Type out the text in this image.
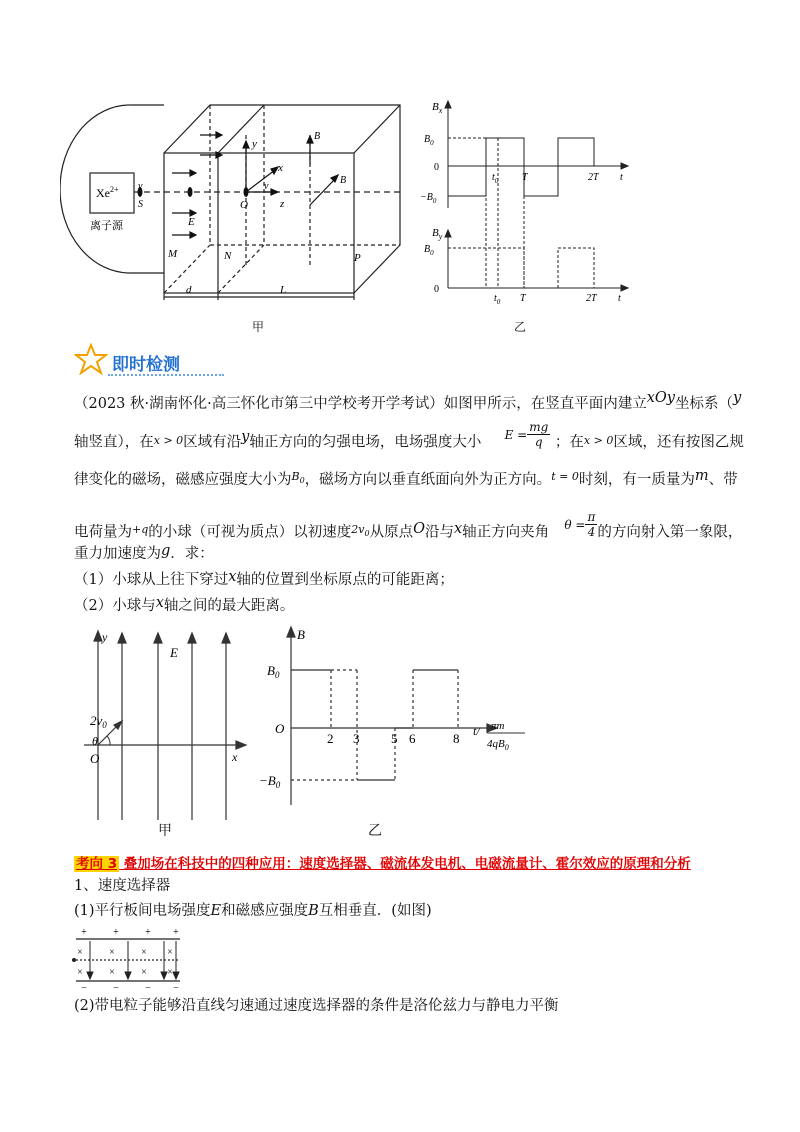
$Xe^{2+}$
离子源
v
S
E
M	N	P
O
y
x
z
v
B
B
d	L
甲
$B_x$
$B_0$
0
$-B_0$
$t_0$ T	2T t
$B_y$
$B_0$
0
$t_0$ T	2T t
乙
即时检测
（2023 秋·湖南怀化·高三怀化市第三中学校考开学考试）如图甲所示，在竖直平面内建立xOy坐标系（y
轴竖直），在$^{x > 0}$区域有沿y轴正方向的匀强电场，电场强度大小 $^{E =} \frac{mg}{q}$ ；在$^{x > 0}$区域，还有按图乙规
律变化的磁场，磁感应强度大小为$^{B_0}$，磁场方向以垂直纸面向外为正方向。$^{t = 0}$时刻，有一质量为m、带
电荷量为$^{+q}$的小球（可视为质点）以初速度$^{2v_0}$从原点O沿与x轴正方向夹角 $^{\theta =} \frac{\pi}{4}$ 的方向射入第一象限，
重力加速度为g．求：
（1）小球从上往下穿过x轴的位置到坐标原点的可能距离；
（2）小球与x轴之间的最大距离。
y
E
$2v_0$
θ
O	x
甲
B
$B_0$
O
$-B_0$
2 3 5 6	8 t/ πm
$4qB_0$
乙
考向 3 叠加场在科技中的四种应用：速度选择器、磁流体发电机、电磁流量计、霍尔效应的原理和分析
1、速度选择器
(1)平行板间电场强度E和磁感应强度B互相垂直．(如图)
+	+	+ +
×	×	× ×
×	×	× ×
−	−	− −
(2)带电粒子能够沿直线匀速通过速度选择器的条件是洛伦兹力与静电力平衡
